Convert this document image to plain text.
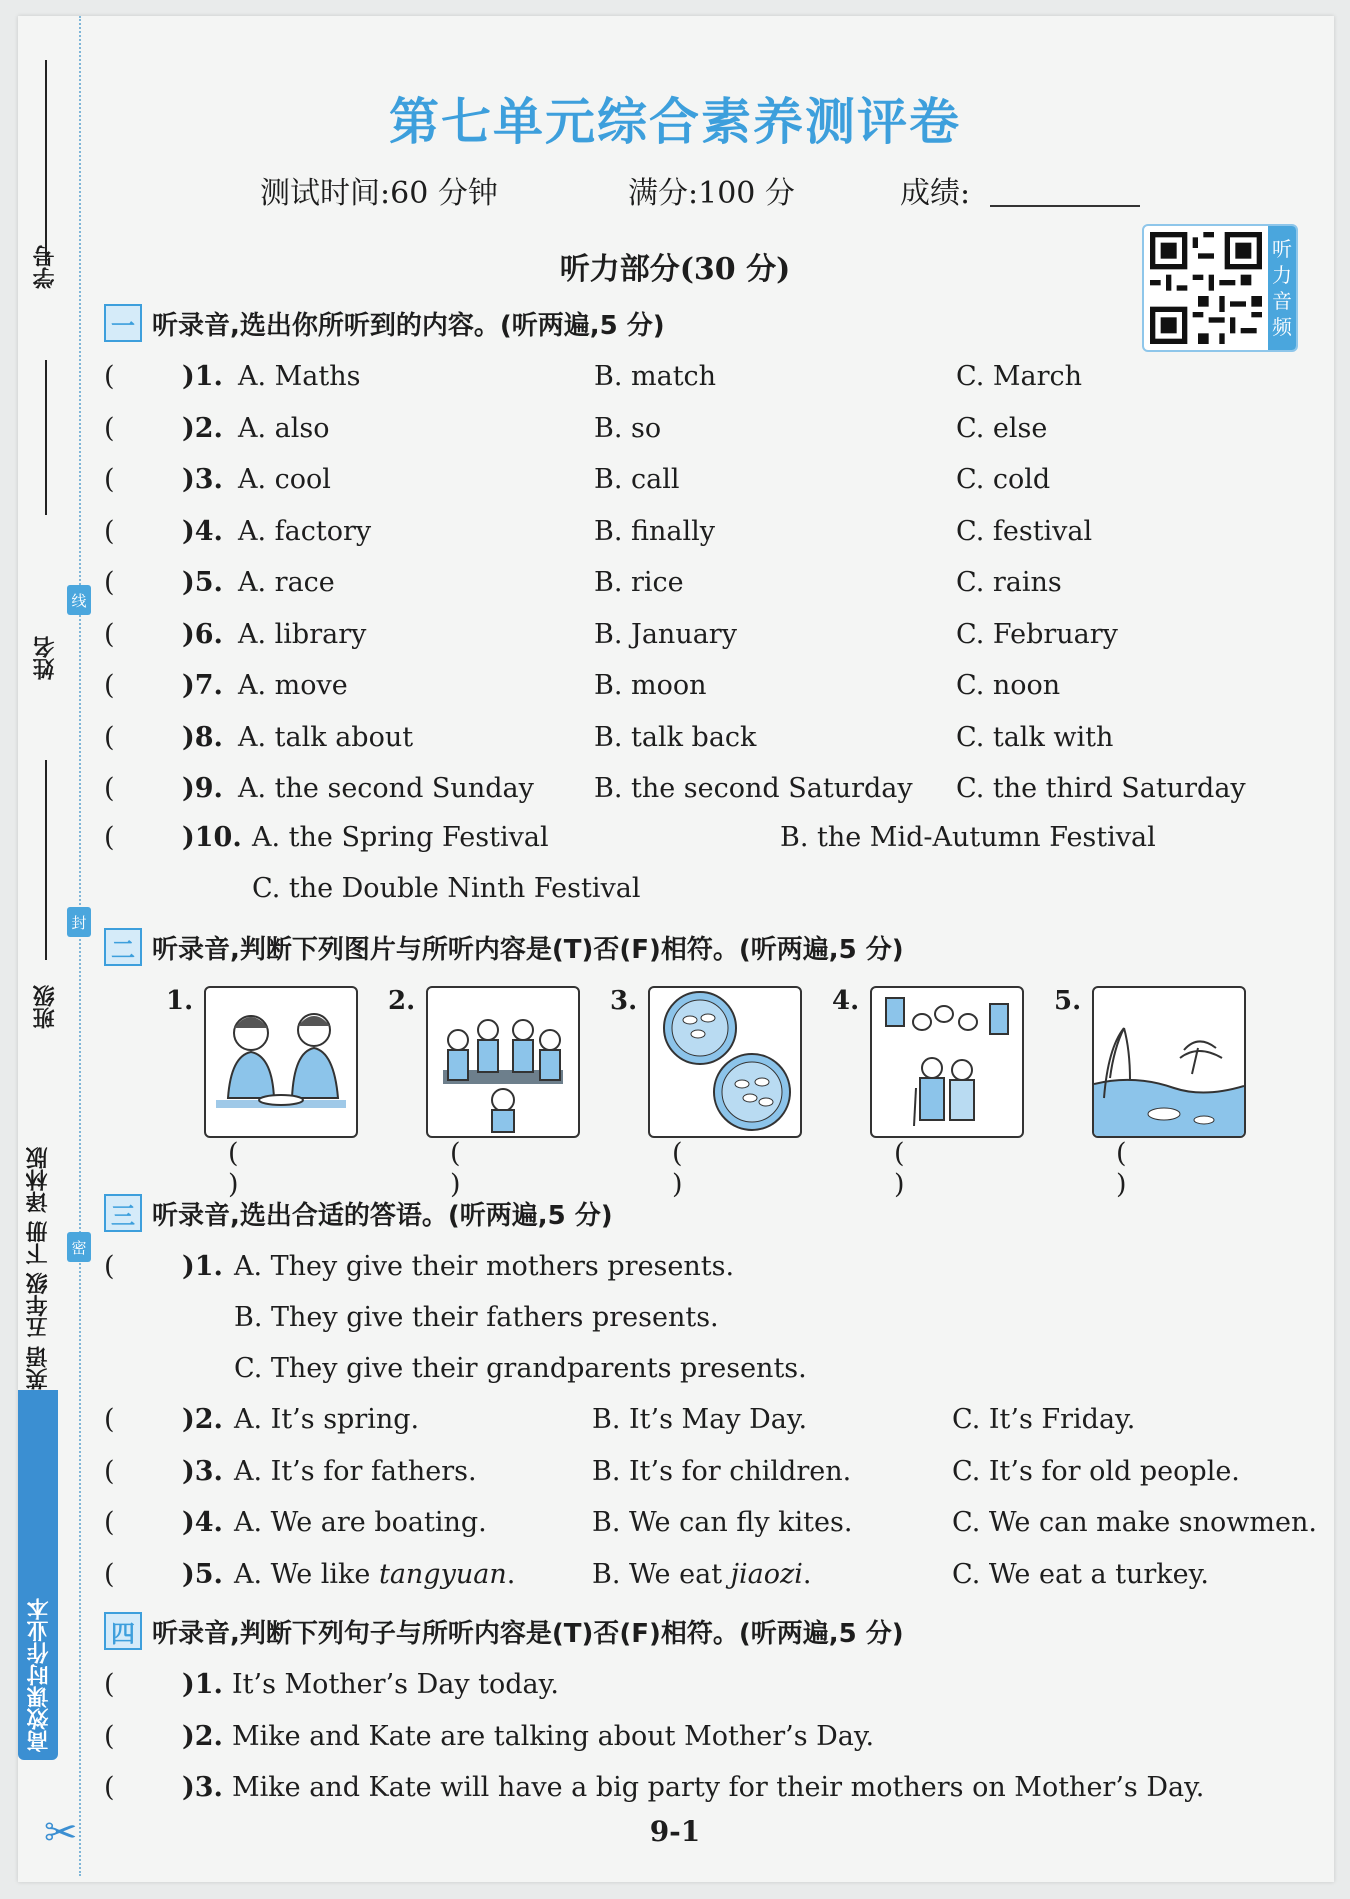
学号
线
姓名
封
班级
密
高效课时作业本
英语 五年级 下册 译林版
✂
第七单元综合素养测评卷
测试时间:60 分钟	满分:100 分	成绩:
听力部分(30 分)
听
力
音
频
一 听录音,选出你所听到的内容。(听两遍,5 分)
( )1. A. Maths	B. match	C. March
( )2. A. also	B. so	C. else
( )3. A. cool	B. call	C. cold
( )4. A. factory	B. finally	C. festival
( )5. A. race	B. rice	C. rains
( )6. A. library	B. January	C. February
( )7. A. move	B. moon	C. noon
( )8. A. talk about	B. talk back	C. talk with
( )9. A. the second Sunday B. the second Saturday C. the third Saturday
( )10. A. the Spring Festival	B. the Mid-Autumn Festival
C. the Double Ninth Festival
二 听录音,判断下列图片与所听内容是(T)否(F)相符。(听两遍,5 分)
1.
( )
2.
( )
3.
( )
4.
( )
5.
( )
三 听录音,选出合适的答语。(听两遍,5 分)
( )1. A. They give their mothers presents.
B. They give their fathers presents.
C. They give their grandparents presents.
( )2. A. It’s spring.	B. It’s May Day.	C. It’s Friday.
( )3. A. It’s for fathers.	B. It’s for children.	C. It’s for old people.
( )4. A. We are boating.	B. We can fly kites.	C. We can make snowmen.
( )5. A. We like tangyuan.	B. We eat jiaozi.	C. We eat a turkey.
四 听录音,判断下列句子与所听内容是(T)否(F)相符。(听两遍,5 分)
( )1. It’s Mother’s Day today.
( )2. Mike and Kate are talking about Mother’s Day.
( )3. Mike and Kate will have a big party for their mothers on Mother’s Day.
9-1
